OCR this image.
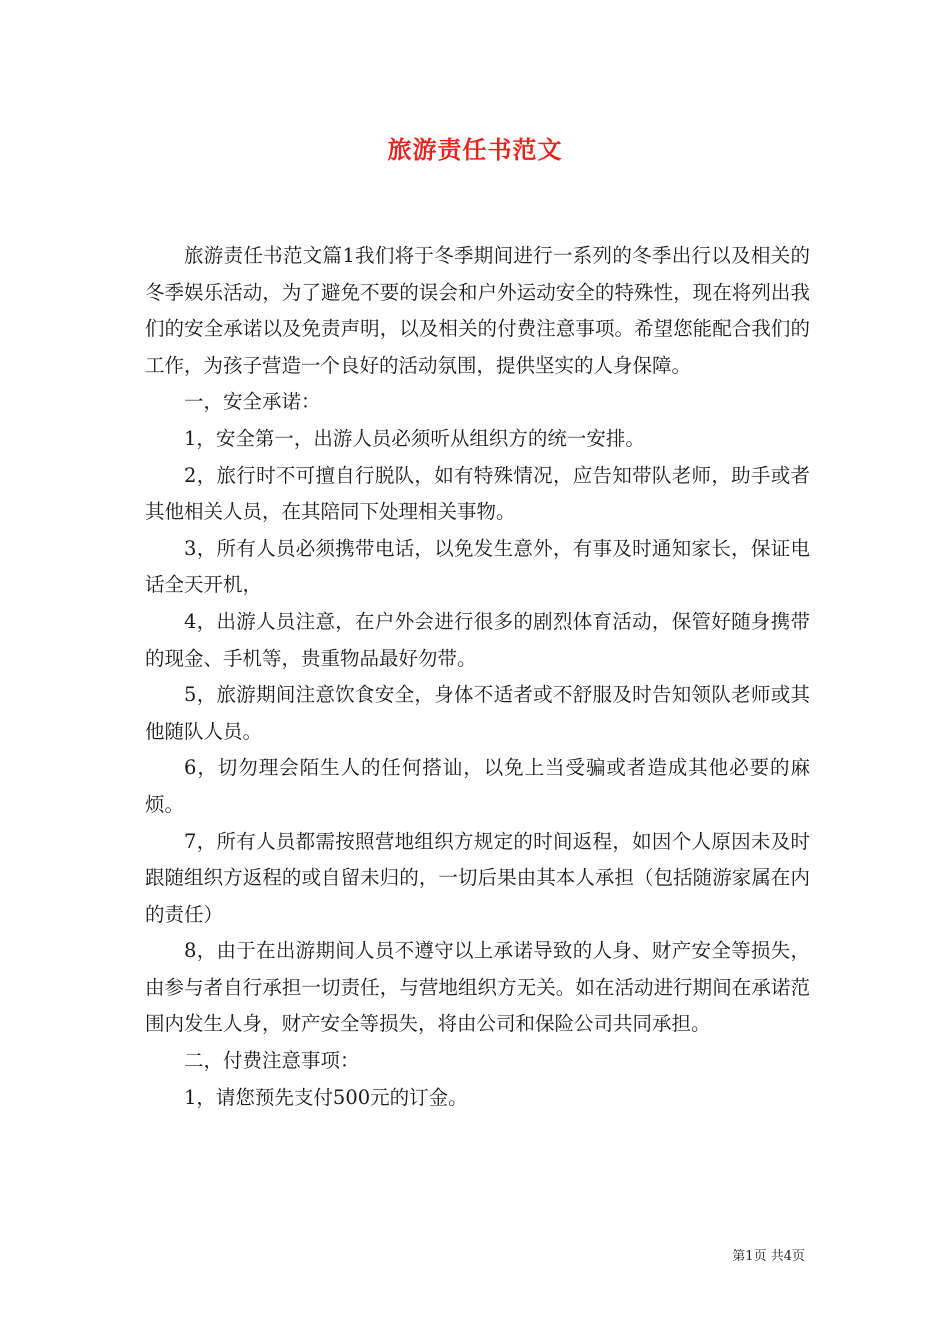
旅游责任书范文

旅游责任书范文篇1我们将于冬季期间进行一系列的冬季出行以及相关的冬季娱乐活动，为了避免不要的误会和户外运动安全的特殊性，现在将列出我们的安全承诺以及免责声明，以及相关的付费注意事项。希望您能配合我们的工作，为孩子营造一个良好的活动氛围，提供坚实的人身保障。

一，安全承诺：

1，安全第一，出游人员必须听从组织方的统一安排。

2，旅行时不可擅自行脱队，如有特殊情况，应告知带队老师，助手或者其他相关人员，在其陪同下处理相关事物。

3，所有人员必须携带电话，以免发生意外，有事及时通知家长，保证电话全天开机，

4，出游人员注意，在户外会进行很多的剧烈体育活动，保管好随身携带的现金、手机等，贵重物品最好勿带。

5，旅游期间注意饮食安全，身体不适者或不舒服及时告知领队老师或其他随队人员。

6，切勿理会陌生人的任何搭讪，以免上当受骗或者造成其他必要的麻烦。

7，所有人员都需按照营地组织方规定的时间返程，如因个人原因未及时跟随组织方返程的或自留未归的，一切后果由其本人承担（包括随游家属在内的责任）

8，由于在出游期间人员不遵守以上承诺导致的人身、财产安全等损失，由参与者自行承担一切责任，与营地组织方无关。如在活动进行期间在承诺范围内发生人身，财产安全等损失，将由公司和保险公司共同承担。

二，付费注意事项：

1，请您预先支付500元的订金。

第1页 共4页
